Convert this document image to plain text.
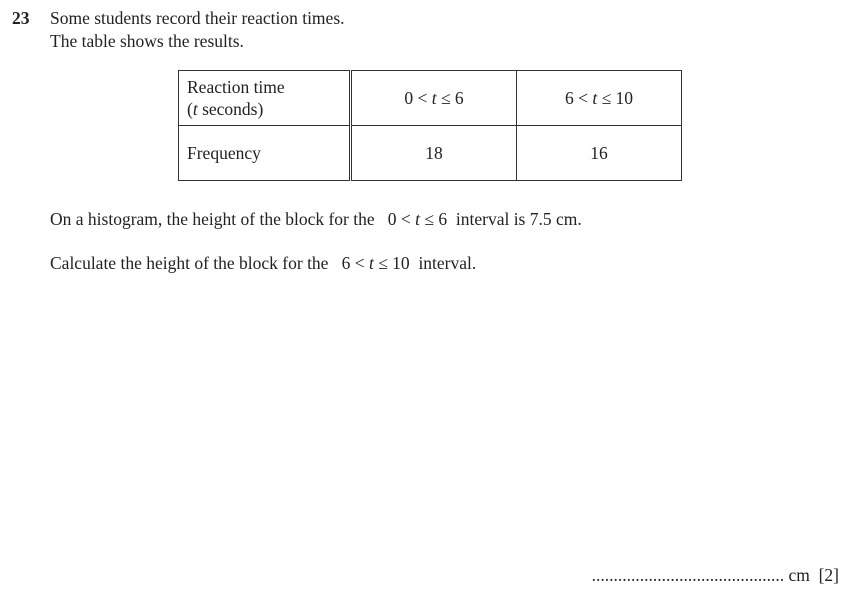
23 Some students record their reaction times.
The table shows the results.
Reaction time
(t seconds)	0 < t ≤ 6	6 < t ≤ 10
Frequency	18	16
On a histogram, the height of the block for the 0 < t ≤ 6 interval is 7.5 cm.
Calculate the height of the block for the 6 < t ≤ 10 interval.
............................................ cm [2]
